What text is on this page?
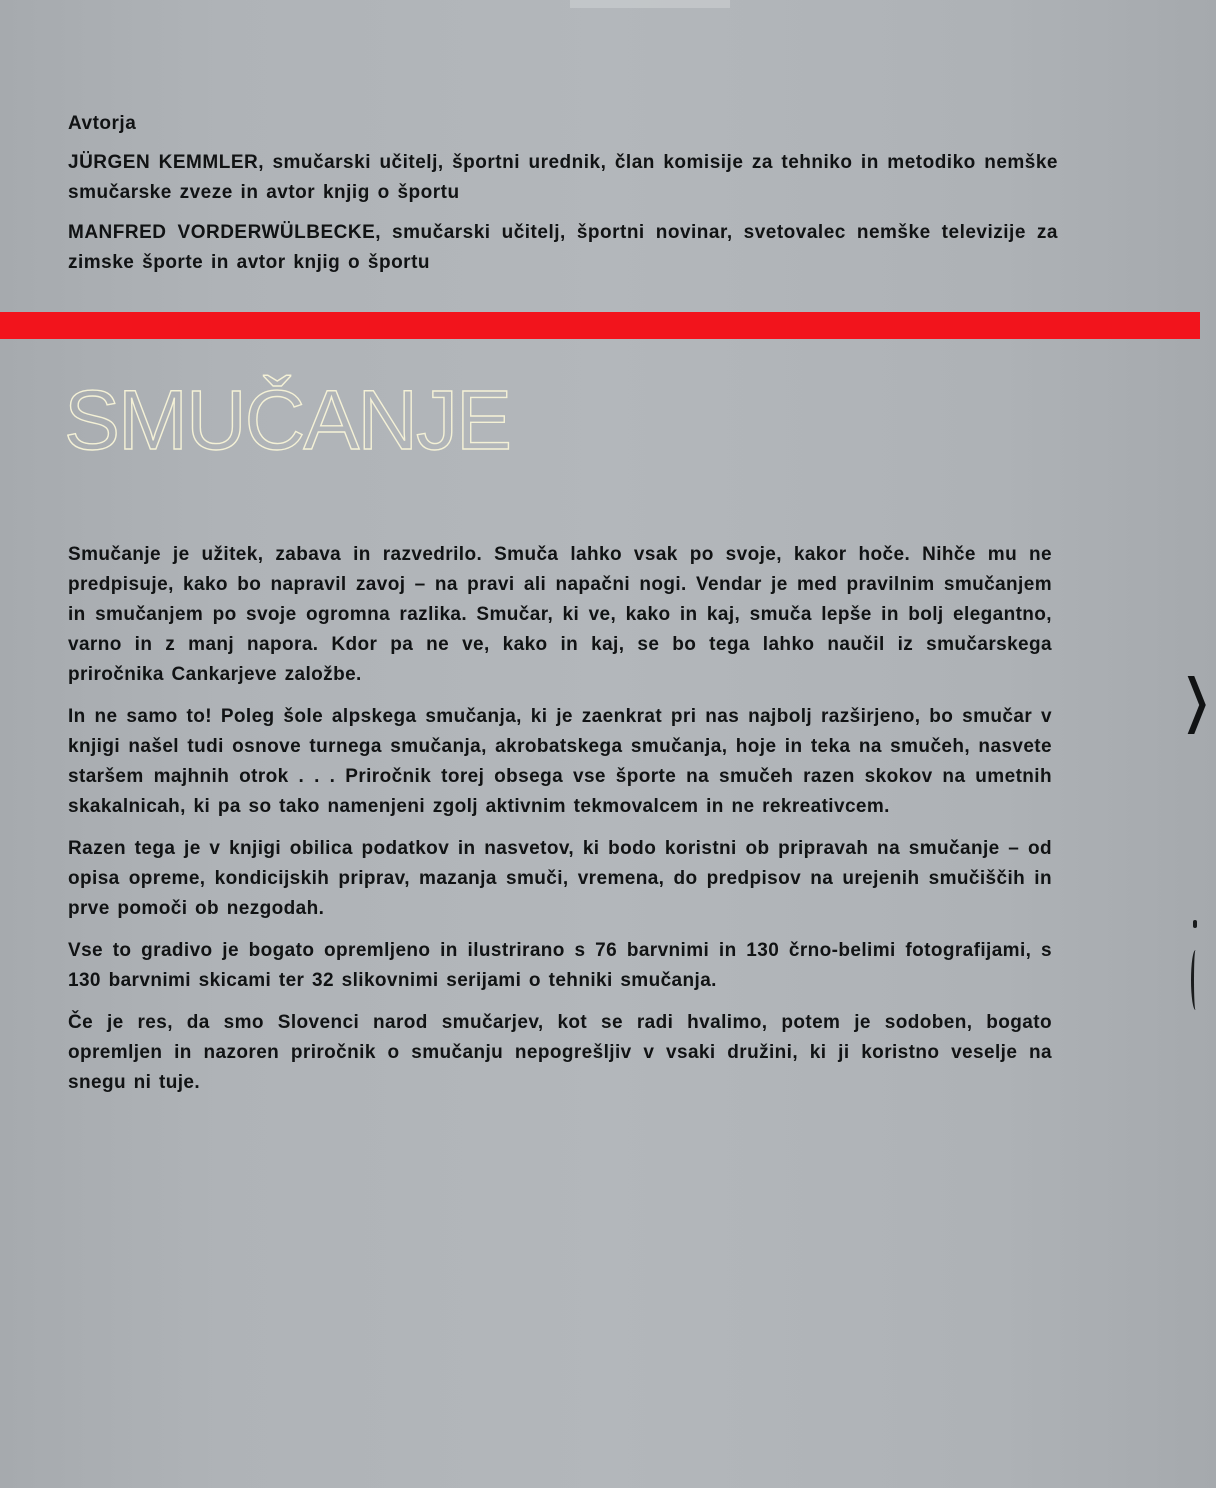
Avtorja

JÜRGEN KEMMLER, smučarski učitelj, športni urednik, član komisije za tehniko in metodiko nemške smučarske zveze in avtor knjig o športu

MANFRED VORDERWÜLBECKE, smučarski učitelj, športni novinar, svetovalec nemške televizije za zimske športe in avtor knjig o športu

SMUČANJE

Smučanje je užitek, zabava in razvedrilo. Smuča lahko vsak po svoje, kakor hoče. Nihče mu ne predpisuje, kako bo napravil zavoj – na pravi ali napačni nogi. Vendar je med pravilnim smučanjem in smučanjem po svoje ogromna razlika. Smučar, ki ve, kako in kaj, smuča lepše in bolj elegantno, varno in z manj napora. Kdor pa ne ve, kako in kaj, se bo tega lahko naučil iz smučarskega priročnika Cankarjeve založbe.

In ne samo to! Poleg šole alpskega smučanja, ki je zaenkrat pri nas najbolj razširjeno, bo smučar v knjigi našel tudi osnove turnega smučanja, akrobatskega smučanja, hoje in teka na smučeh, nasvete staršem majhnih otrok . . . Priročnik torej obsega vse športe na smučeh razen skokov na umetnih skakalnicah, ki pa so tako namenjeni zgolj aktivnim tekmovalcem in ne rekreativcem.

Razen tega je v knjigi obilica podatkov in nasvetov, ki bodo koristni ob pripravah na smučanje – od opisa opreme, kondicijskih priprav, mazanja smuči, vremena, do predpisov na urejenih smučiščih in prve pomoči ob nezgodah.

Vse to gradivo je bogato opremljeno in ilustrirano s 76 barvnimi in 130 črno-belimi fotografijami, s 130 barvnimi skicami ter 32 slikovnimi serijami o tehniki smučanja.

Če je res, da smo Slovenci narod smučarjev, kot se radi hvalimo, potem je sodoben, bogato opremljen in nazoren priročnik o smučanju nepogrešljiv v vsaki družini, ki ji koristno veselje na snegu ni tuje.

❭
